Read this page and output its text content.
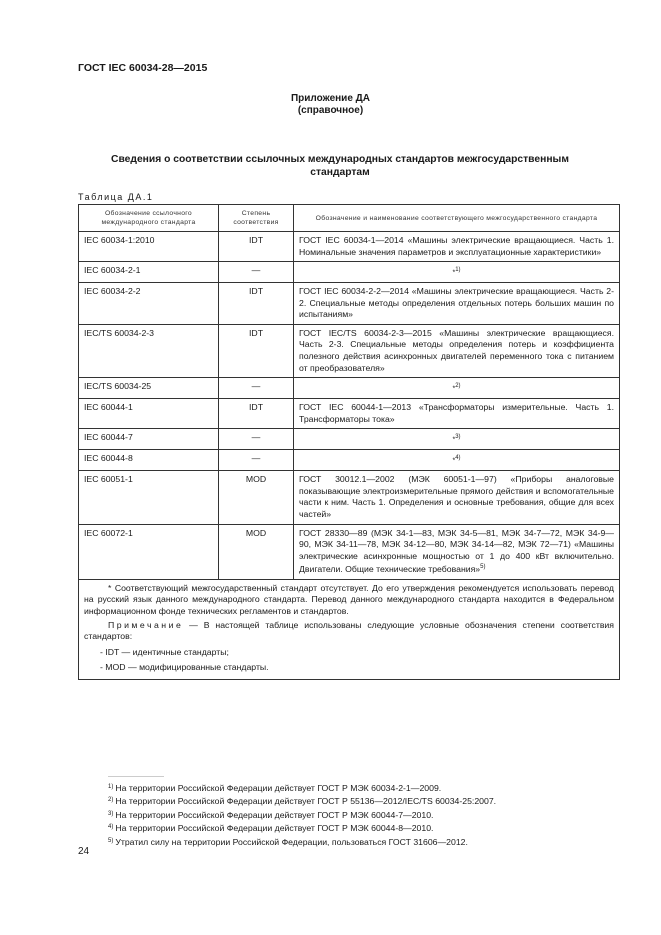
ГОСТ IEC 60034-28—2015
Приложение ДА
(справочное)
Сведения о соответствии ссылочных международных стандартов межгосударственным стандартам
Таблица ДА.1
Обозначение ссылочного международного стандарта	Степень соответствия	Обозначение и наименование соответствующего межгосударственного стандарта
IEC 60034-1:2010	IDT	ГОСТ IEC 60034-1—2014 «Машины электрические вращающиеся. Часть 1. Номинальные значения параметров и эксплуатационные характеристики»
IEC 60034-2-1	—	*$^{1)}$
IEC 60034-2-2	IDT	ГОСТ IEC 60034-2-2—2014 «Машины электрические вращающиеся. Часть 2-2. Специальные методы определения отдельных потерь больших машин по испытаниям»
IEC/TS 60034-2-3	IDT	ГОСТ IEC/TS 60034-2-3—2015 «Машины электрические вращающиеся. Часть 2-3. Специальные методы определения потерь и коэффициента полезного действия асинхронных двигателей переменного тока с питанием от преобразователя»
IEC/TS 60034-25	—	*$^{2)}$
IEC 60044-1	IDT	ГОСТ IEC 60044-1—2013 «Трансформаторы измерительные. Часть 1. Трансформаторы тока»
IEC 60044-7	—	*$^{3)}$
IEC 60044-8	—	*$^{4)}$
IEC 60051-1	MOD	ГОСТ 30012.1—2002 (МЭК 60051-1—97) «Приборы аналоговые показывающие электроизмерительные прямого действия и вспомогательные части к ним. Часть 1. Определения и основные требования, общие для всех частей»
IEC 60072-1	MOD	ГОСТ 28330—89 (МЭК 34-1—83, МЭК 34-5—81, МЭК 34-7—72, МЭК 34-9—90, МЭК 34-11—78, МЭК 34-12—80, МЭК 34-14—82, МЭК 72—71) «Машины электрические асинхронные мощностью от 1 до 400 кВт включительно. Двигатели. Общие технические требования»$^{5)}$

* Соответствующий межгосударственный стандарт отсутствует. До его утверждения рекомендуется использовать перевод на русский язык данного международного стандарта. Перевод данного международного стандарта находится в Федеральном информационном фонде технических регламентов и стандартов.

Примечание — В настоящей таблице использованы следующие условные обозначения степени соответствия стандартов:

- IDT — идентичные стандарты;

- MOD — модифицированные стандарты.		

$^{1)}$ На территории Российской Федерации действует ГОСТ Р МЭК 60034-2-1—2009.
$^{2)}$ На территории Российской Федерации действует ГОСТ Р 55136—2012/IEC/TS 60034-25:2007.
$^{3)}$ На территории Российской Федерации действует ГОСТ Р МЭК 60044-7—2010.
$^{4)}$ На территории Российской Федерации действует ГОСТ Р МЭК 60044-8—2010.
$^{5)}$ Утратил силу на территории Российской Федерации, пользоваться ГОСТ 31606—2012.
24
